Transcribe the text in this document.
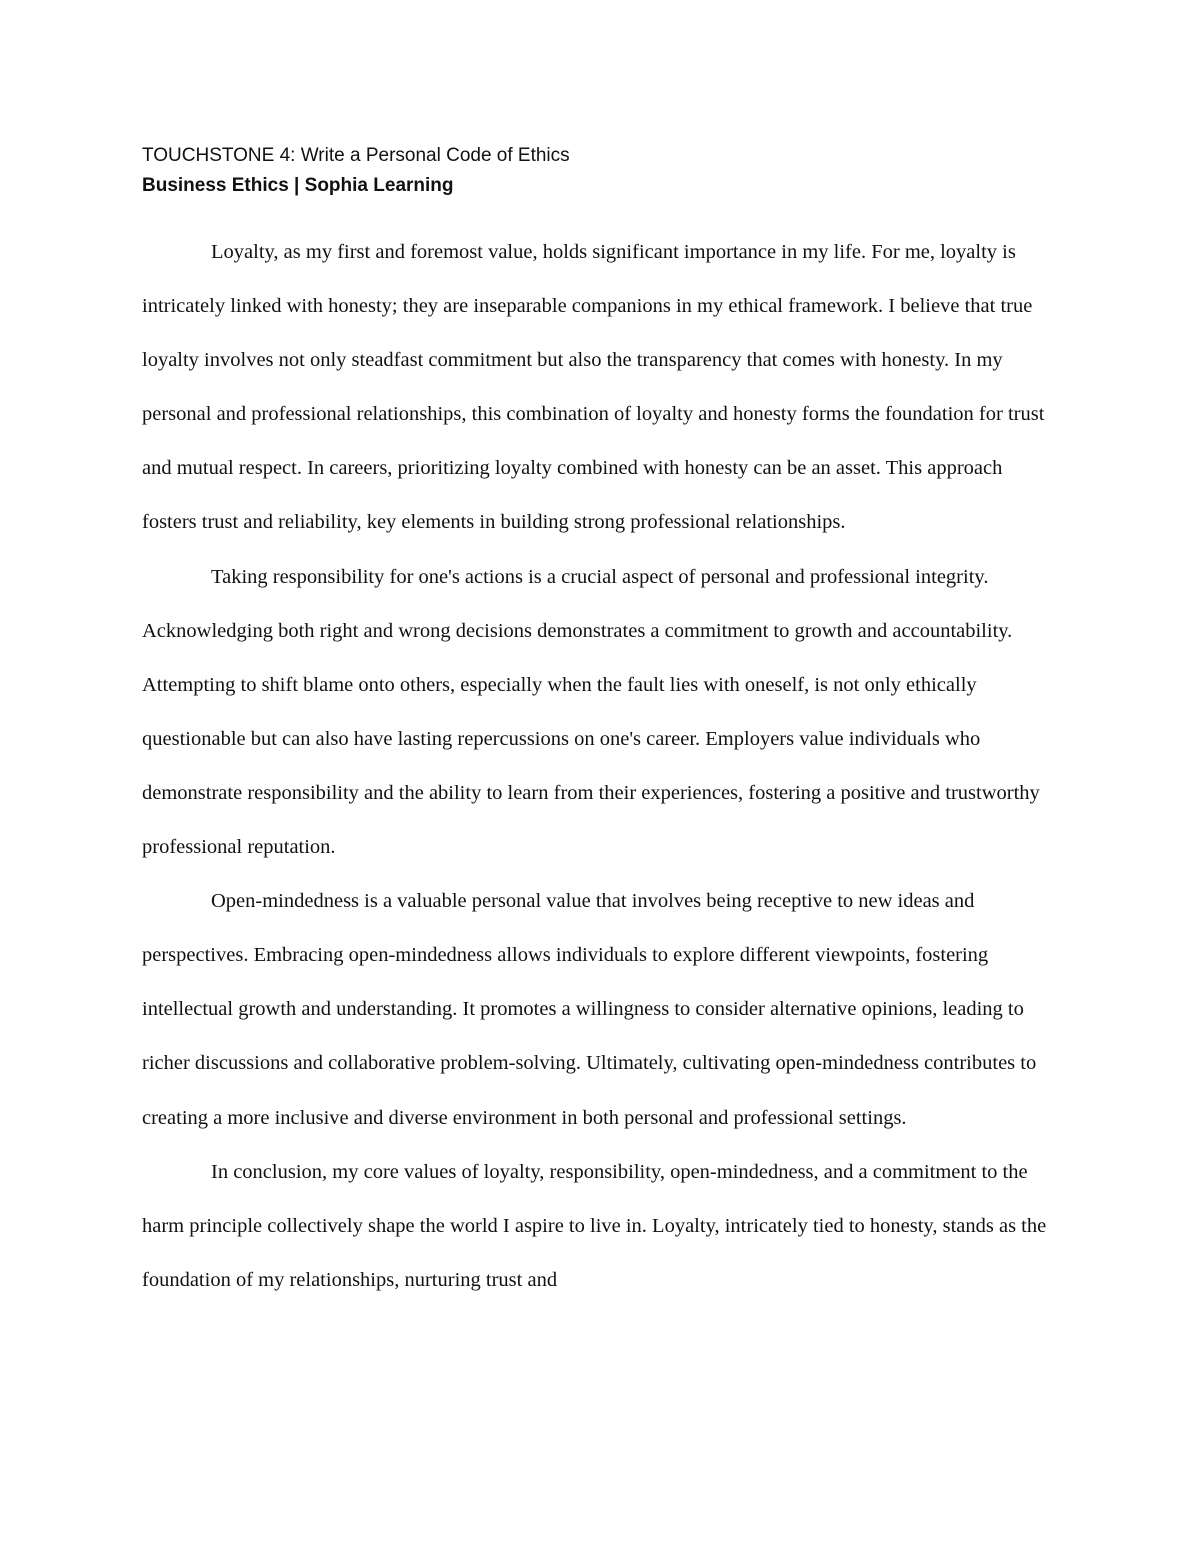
TOUCHSTONE 4: Write a Personal Code of Ethics
Business Ethics | Sophia Learning

Loyalty, as my first and foremost value, holds significant importance in my life. For me, loyalty is intricately linked with honesty; they are inseparable companions in my ethical framework. I believe that true loyalty involves not only steadfast commitment but also the transparency that comes with honesty. In my personal and professional relationships, this combination of loyalty and honesty forms the foundation for trust and mutual respect. In careers, prioritizing loyalty combined with honesty can be an asset. This approach fosters trust and reliability, key elements in building strong professional relationships.

Taking responsibility for one's actions is a crucial aspect of personal and professional integrity. Acknowledging both right and wrong decisions demonstrates a commitment to growth and accountability. Attempting to shift blame onto others, especially when the fault lies with oneself, is not only ethically questionable but can also have lasting repercussions on one's career. Employers value individuals who demonstrate responsibility and the ability to learn from their experiences, fostering a positive and trustworthy professional reputation.

Open-mindedness is a valuable personal value that involves being receptive to new ideas and perspectives. Embracing open-mindedness allows individuals to explore different viewpoints, fostering intellectual growth and understanding. It promotes a willingness to consider alternative opinions, leading to richer discussions and collaborative problem-solving. Ultimately, cultivating open-mindedness contributes to creating a more inclusive and diverse environment in both personal and professional settings.

In conclusion, my core values of loyalty, responsibility, open-mindedness, and a commitment to the harm principle collectively shape the world I aspire to live in. Loyalty, intricately tied to honesty, stands as the foundation of my relationships, nurturing trust and
